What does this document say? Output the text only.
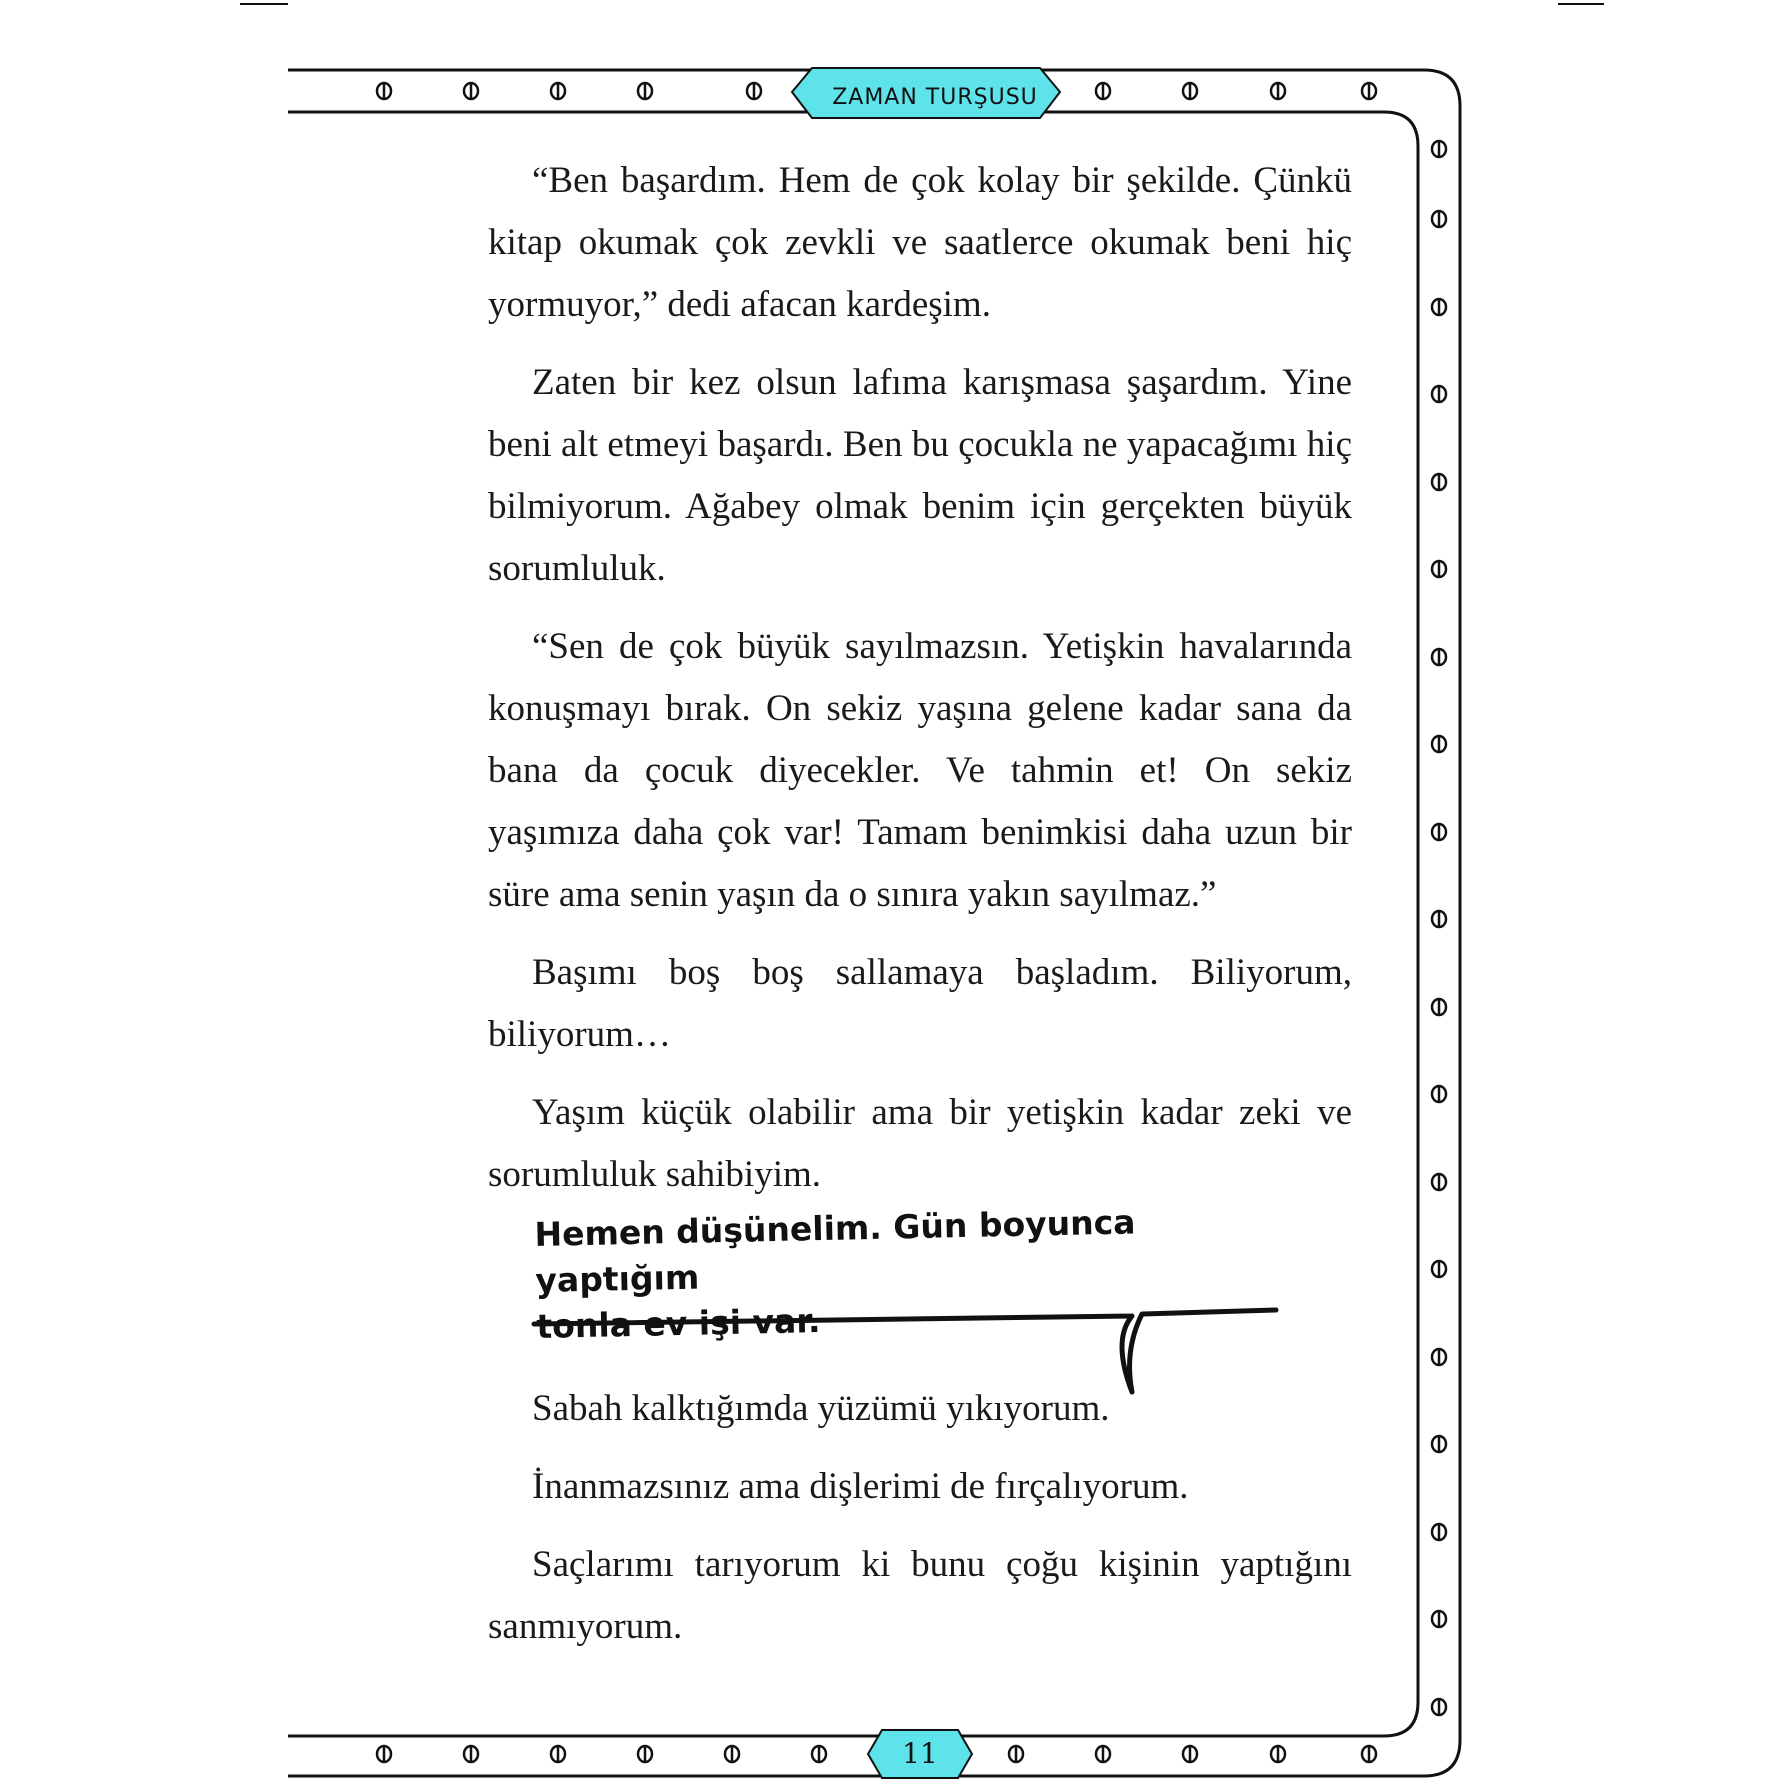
ZAMAN TURŞUSU

“Ben başardım. Hem de çok kolay bir şekilde. Çünkü kitap okumak çok zevkli ve saatlerce okumak beni hiç yormuyor,” dedi afacan kardeşim.

Zaten bir kez olsun lafıma karışmasa şaşardım. Yine beni alt etmeyi başardı. Ben bu çocukla ne yapacağımı hiç bilmiyorum. Ağabey olmak benim için gerçekten büyük sorumluluk.

“Sen de çok büyük sayılmazsın. Yetişkin havalarında konuşmayı bırak. On sekiz yaşına gelene kadar sana da bana da çocuk diyecekler. Ve tahmin et! On sekiz yaşımıza daha çok var! Tamam benimkisi daha uzun bir süre ama senin yaşın da o sınıra yakın sayılmaz.”

Başımı boş boş sallamaya başladım. Biliyorum, biliyorum…

Yaşım küçük olabilir ama bir yetişkin kadar zeki ve sorumluluk sahibiyim.

Hemen düşünelim. Gün boyunca yaptığım
tonla ev işi var.

Sabah kalktığımda yüzümü yıkıyorum.

İnanmazsınız ama dişlerimi de fırçalıyorum.

Saçlarımı tarıyorum ki bunu çoğu kişinin yaptığını sanmıyorum.

11
